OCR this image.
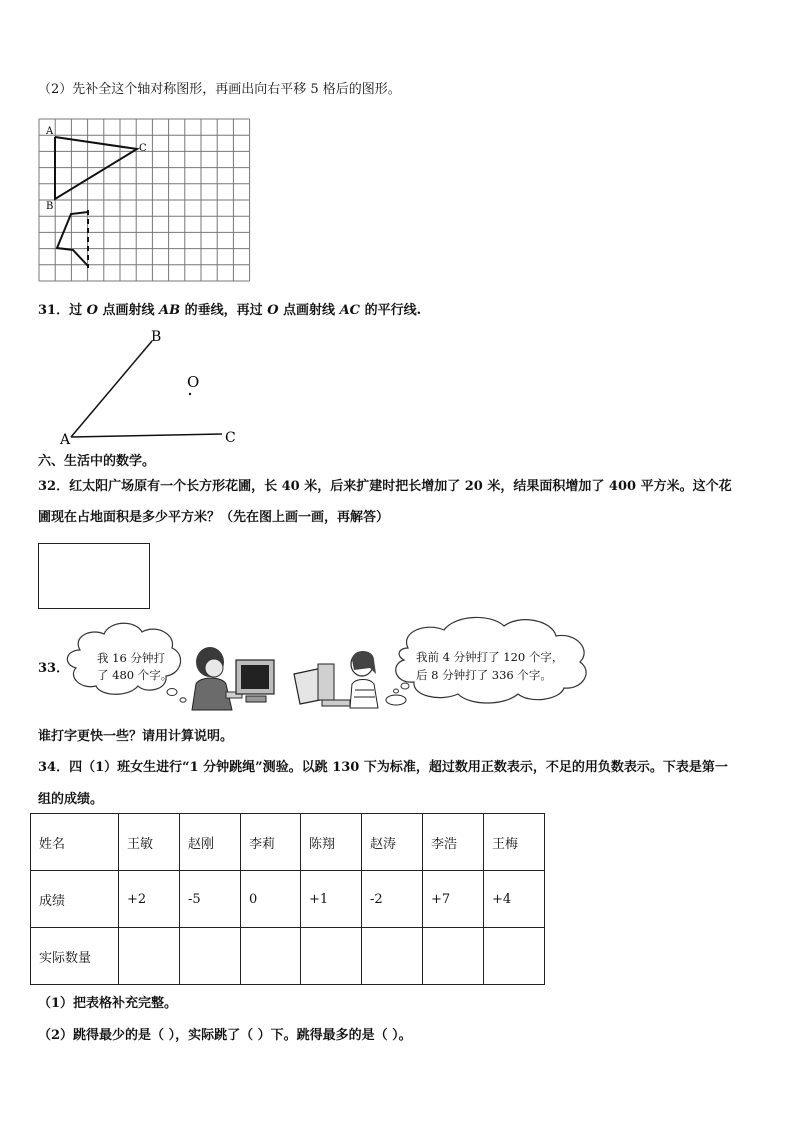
（2）先补全这个轴对称图形，再画出向右平移 5 格后的图形。
A
B
C
31．过 O 点画射线 AB 的垂线，再过 O 点画射线 AC 的平行线.
A
B
C
O
六、生活中的数学。
32．红太阳广场原有一个长方形花圃，长 40 米，后来扩建时把长增加了 20 米，结果面积增加了 400 平方米。这个花
圃现在占地面积是多少平方米？（先在图上画一画，再解答）
33．
我 16 分钟打
了 480 个字。
我前 4 分钟打了 120 个字，
后 8 分钟打了 336 个字。
谁打字更快一些？请用计算说明。
34．四（1）班女生进行“1 分钟跳绳”测验。以跳 130 下为标准，超过数用正数表示，不足的用负数表示。下表是第一
组的成绩。
姓名	王敏	赵刚	李莉	陈翔	赵涛	李浩	王梅
成绩	+2	-5	0	+1	-2	+7	+4
实际数量							
（1）把表格补充完整。
（2）跳得最少的是（ ），实际跳了（ ）下。跳得最多的是（ ）。
